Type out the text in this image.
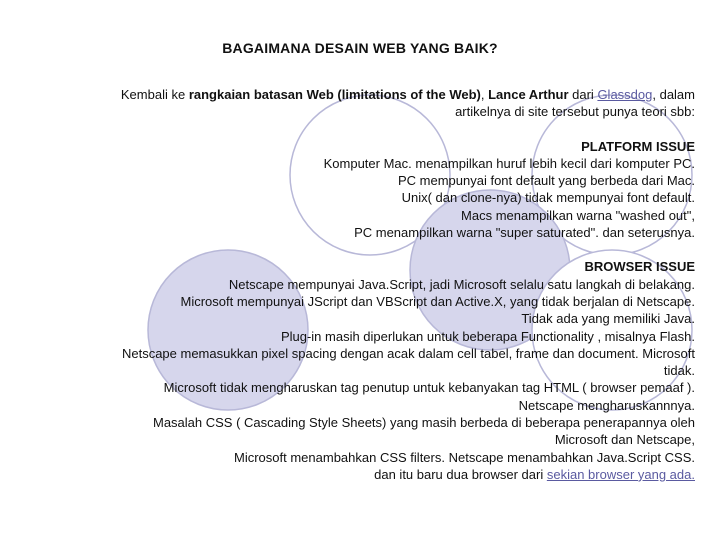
BAGAIMANA DESAIN WEB YANG BAIK?

Kembali ke rangkaian batasan Web (limitations of the Web), Lance Arthur dari Glassdog, dalam

artikelnya di site tersebut punya teori sbb:

PLATFORM ISSUE

Komputer Mac. menampilkan huruf lebih kecil dari komputer PC.

PC mempunyai font default yang berbeda dari Mac.

Unix( dan clone-nya) tidak mempunyai font default.

Macs menampilkan warna "washed out",

PC menampilkan warna "super saturated". dan seterusnya.

BROWSER ISSUE

Netscape mempunyai Java.Script, jadi Microsoft selalu satu langkah di belakang.

Microsoft mempunyai JScript dan VBScript dan Active.X, yang tidak berjalan di Netscape.

Tidak ada yang memiliki Java.

Plug-in masih diperlukan untuk beberapa Functionality , misalnya Flash.

Netscape memasukkan pixel spacing dengan acak dalam cell tabel, frame dan document. Microsoft

tidak.

Microsoft tidak mengharuskan tag penutup untuk kebanyakan tag HTML ( browser pemaaf ).

Netscape mengharuskannnya.

Masalah CSS ( Cascading Style Sheets) yang masih berbeda di beberapa penerapannya oleh

Microsoft dan Netscape,

Microsoft menambahkan CSS filters. Netscape menambahkan Java.Script CSS.

dan itu baru dua browser dari sekian browser yang ada.
